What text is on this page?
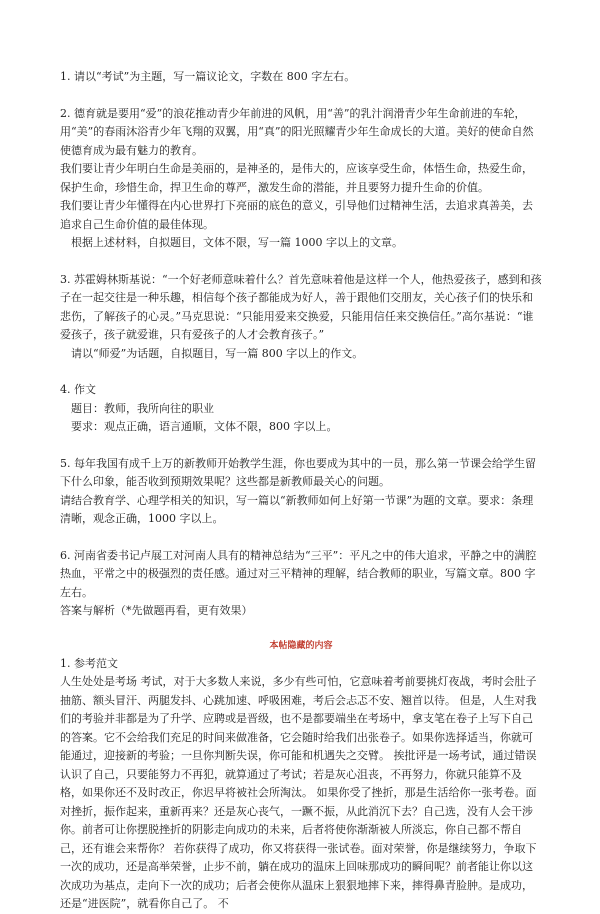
1. 请以“考试”为主题，写一篇议论文，字数在 800 字左右。

2. 德育就是要用“爱”的浪花推动青少年前进的风帆，用“善”的乳汁润滑青少年生命前进的车轮，用“美”的春雨沐浴青少年飞翔的双翼，用“真”的阳光照耀青少年生命成长的大道。美好的使命自然使德育成为最有魅力的教育。

我们要让青少年明白生命是美丽的，是神圣的，是伟大的，应该享受生命，体悟生命，热爱生命，保护生命，珍惜生命，捍卫生命的尊严，激发生命的潜能，并且要努力提升生命的价值。

我们要让青少年懂得在内心世界打下亮丽的底色的意义，引导他们过精神生活，去追求真善美，去追求自己生命价值的最佳体现。

根据上述材料，自拟题目，文体不限，写一篇 1000 字以上的文章。

3. 苏霍姆林斯基说：“一个好老师意味着什么？首先意味着他是这样一个人，他热爱孩子，感到和孩子在一起交往是一种乐趣，相信每个孩子都能成为好人，善于跟他们交朋友，关心孩子们的快乐和悲伤，了解孩子的心灵。”马克思说：“只能用爱来交换爱，只能用信任来交换信任。”高尔基说：“谁爱孩子，孩子就爱谁，只有爱孩子的人才会教育孩子。”

请以“师爱”为话题，自拟题目，写一篇 800 字以上的作文。

4. 作文

题目：教师，我所向往的职业

要求：观点正确，语言通顺，文体不限，800 字以上。

5. 每年我国有成千上万的新教师开始教学生涯，你也要成为其中的一员，那么第一节课会给学生留下什么印象，能否收到预期效果呢？这些都是新教师最关心的问题。

请结合教育学、心理学相关的知识，写一篇以“新教师如何上好第一节课”为题的文章。要求：条理清晰，观念正确，1000 字以上。

6. 河南省委书记卢展工对河南人具有的精神总结为“三平”：平凡之中的伟大追求，平静之中的满腔热血，平常之中的极强烈的责任感。通过对三平精神的理解，结合教师的职业，写篇文章。800 字左右。

答案与解析（*先做题再看，更有效果）

本帖隐藏的内容

1. 参考范文

人生处处是考场 考试，对于大多数人来说，多少有些可怕，它意味着考前要挑灯夜战，考时会肚子抽筋、额头冒汗、两腿发抖、心跳加速、呼吸困难，考后会忐忑不安、翘首以待。 但是，人生对我们的考验并非都是为了升学、应聘或是晋级，也不是都要端坐在考场中，拿支笔在卷子上写下自己的答案。它不会给我们充足的时间来做准备，它会随时给我们出张卷子。如果你选择适当，你就可能通过，迎接新的考验；一旦你判断失误，你可能和机遇失之交臂。 挨批评是一场考试，通过错误认识了自己，只要能努力不再犯，就算通过了考试；若是灰心沮丧，不再努力，你就只能算不及格，如果你还不及时改正，你迟早将被社会所淘汰。 如果你受了挫折，那是生活给你一张考卷。面对挫折，振作起来，重新再来？还是灰心丧气，一蹶不振，从此消沉下去？自己选，没有人会干涉你。前者可让你摆脱挫折的阴影走向成功的未来，后者将使你渐渐被人所淡忘，你自己都不帮自己，还有谁会来帮你？ 若你获得了成功，你又将获得一张试卷。面对荣誉，你是继续努力，争取下一次的成功，还是高举荣誉，止步不前，躺在成功的温床上回味那成功的瞬间呢？前者能让你以这次成功为基点，走向下一次的成功；后者会使你从温床上狠狠地摔下来，摔得鼻青脸肿。是成功，还是“进医院”，就看你自己了。 不
